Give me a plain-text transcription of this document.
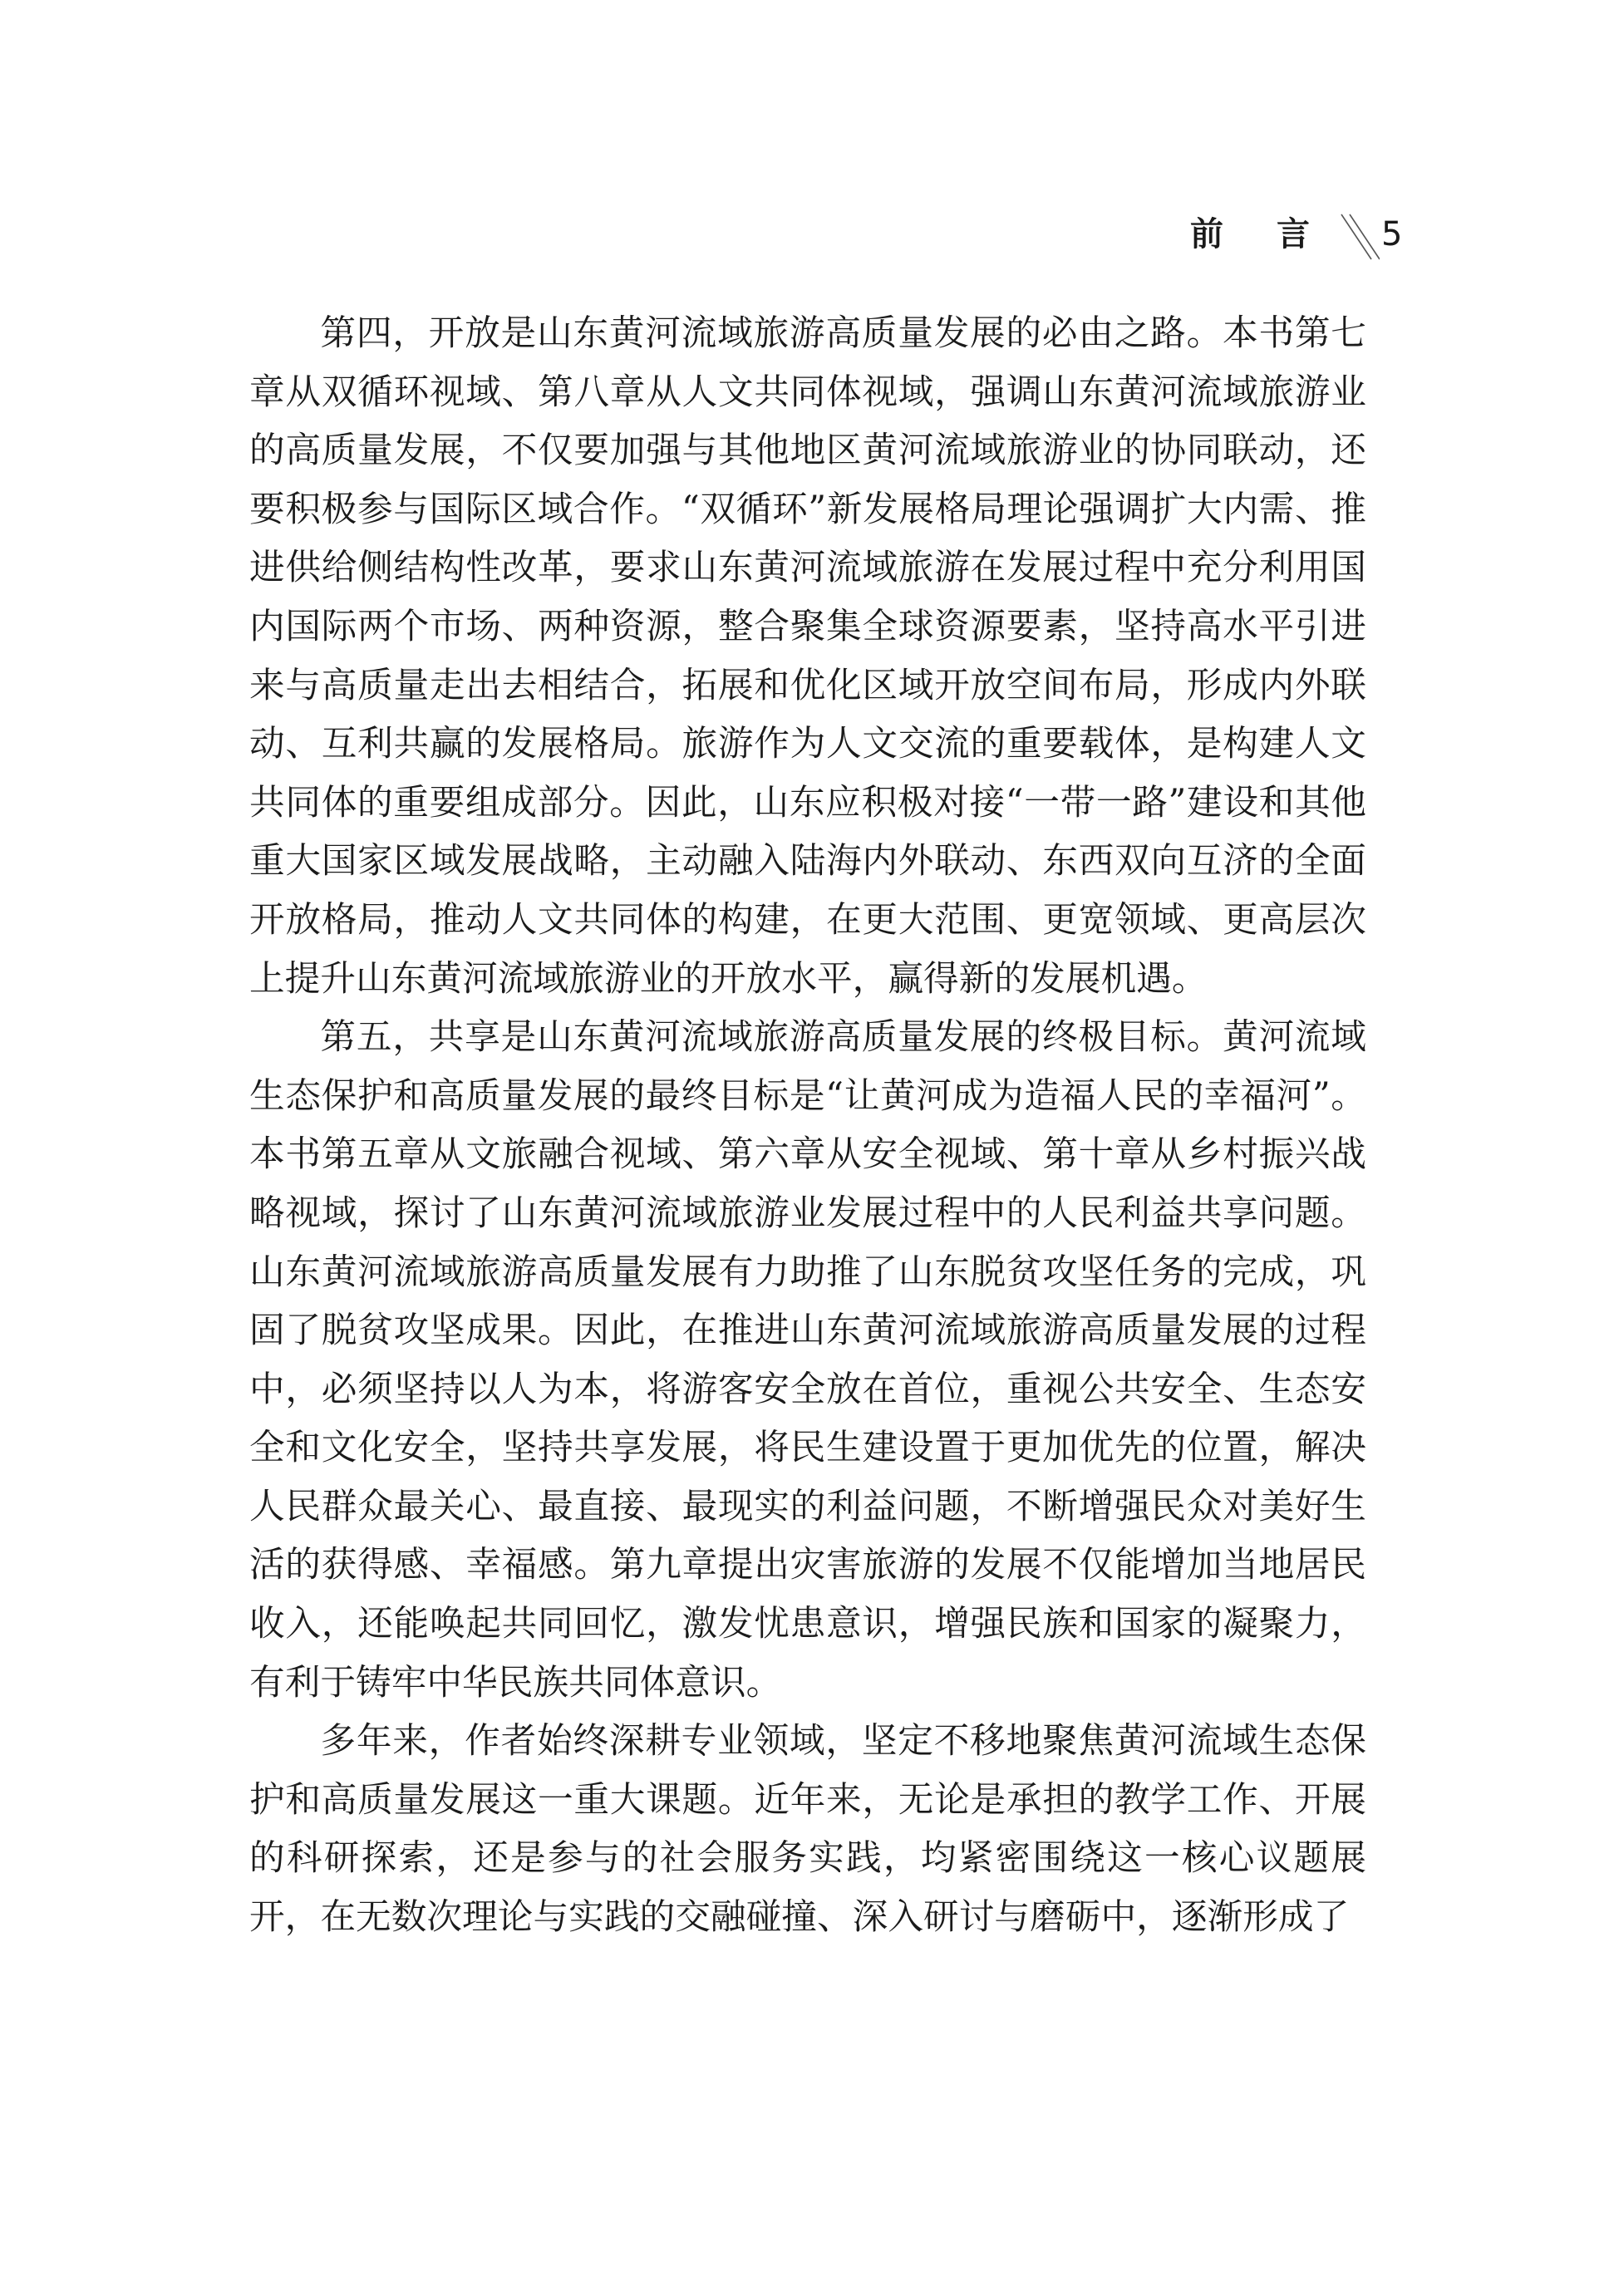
前言 5

第四，开放是山东黄河流域旅游高质量发展的必由之路。本书第七章从双循环视域、第八章从人文共同体视域，强调山东黄河流域旅游业的高质量发展，不仅要加强与其他地区黄河流域旅游业的协同联动，还要积极参与国际区域合作。“双循环”新发展格局理论强调扩大内需、推进供给侧结构性改革，要求山东黄河流域旅游在发展过程中充分利用国内国际两个市场、两种资源，整合聚集全球资源要素，坚持高水平引进来与高质量走出去相结合，拓展和优化区域开放空间布局，形成内外联动、互利共赢的发展格局。旅游作为人文交流的重要载体，是构建人文共同体的重要组成部分。因此，山东应积极对接“一带一路”建设和其他重大国家区域发展战略，主动融入陆海内外联动、东西双向互济的全面开放格局，推动人文共同体的构建，在更大范围、更宽领域、更高层次上提升山东黄河流域旅游业的开放水平，赢得新的发展机遇。

第五，共享是山东黄河流域旅游高质量发展的终极目标。黄河流域生态保护和高质量发展的最终目标是“让黄河成为造福人民的幸福河”。本书第五章从文旅融合视域、第六章从安全视域、第十章从乡村振兴战略视域，探讨了山东黄河流域旅游业发展过程中的人民利益共享问题。山东黄河流域旅游高质量发展有力助推了山东脱贫攻坚任务的完成，巩固了脱贫攻坚成果。因此，在推进山东黄河流域旅游高质量发展的过程中，必须坚持以人为本，将游客安全放在首位，重视公共安全、生态安全和文化安全，坚持共享发展，将民生建设置于更加优先的位置，解决人民群众最关心、最直接、最现实的利益问题，不断增强民众对美好生活的获得感、幸福感。第九章提出灾害旅游的发展不仅能增加当地居民收入，还能唤起共同回忆，激发忧患意识，增强民族和国家的凝聚力，有利于铸牢中华民族共同体意识。

多年来，作者始终深耕专业领域，坚定不移地聚焦黄河流域生态保护和高质量发展这一重大课题。近年来，无论是承担的教学工作、开展的科研探索，还是参与的社会服务实践，均紧密围绕这一核心议题展开，在无数次理论与实践的交融碰撞、深入研讨与磨砺中，逐渐形成了
